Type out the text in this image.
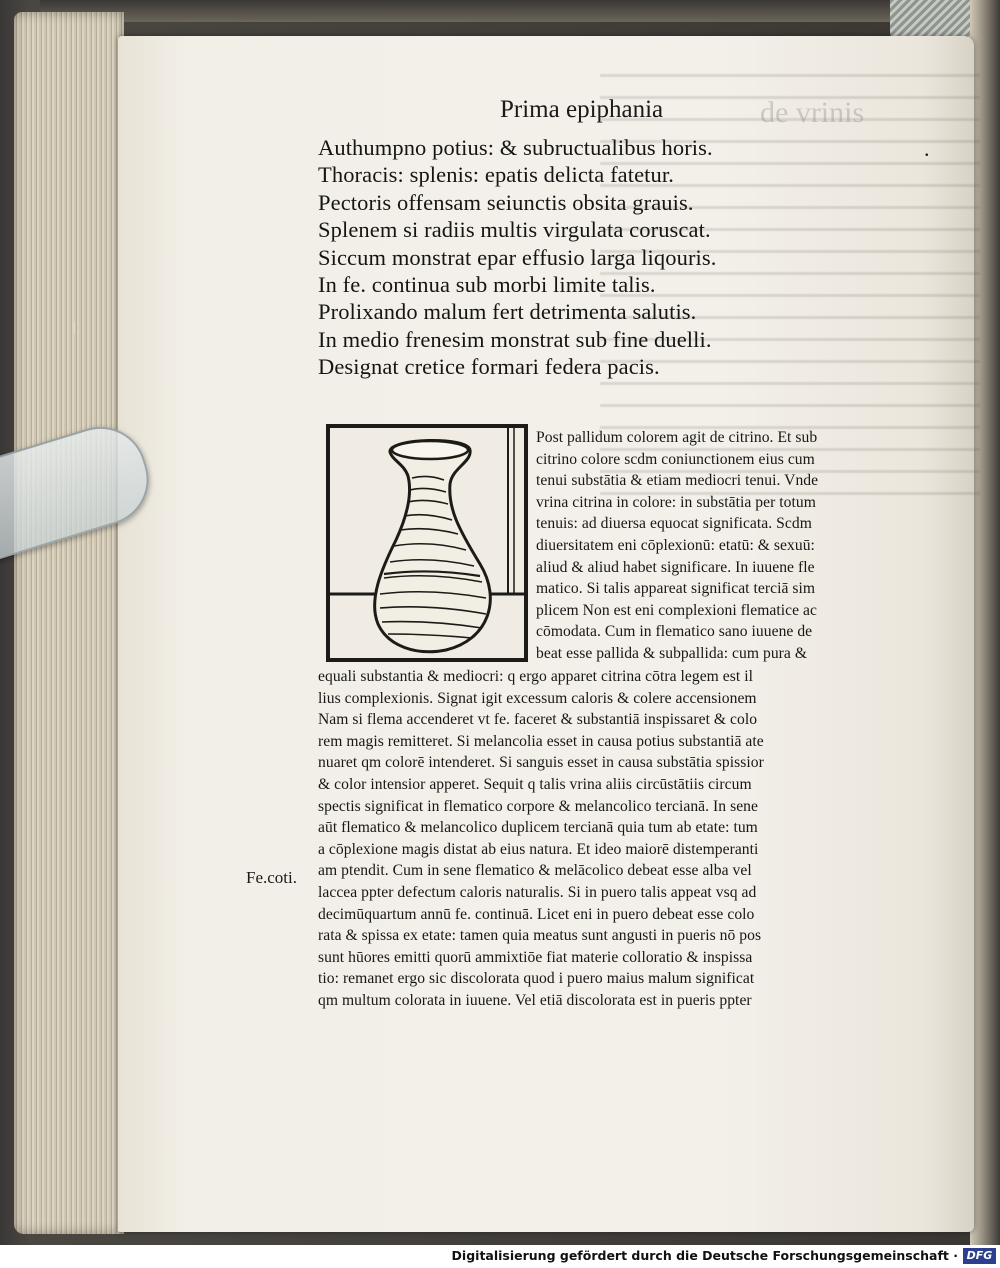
de vrinis
Prima epiphania
.
Authumpno potius: & subructualibus horis.
Thoracis: splenis: epatis delicta fatetur.
Pectoris offensam seiunctis obsita grauis.
Splenem si radiis multis virgulata coruscat.
Siccum monstrat epar effusio larga liqouris.
In fe. continua sub morbi limite talis.
Prolixando malum fert detrimenta salutis.
In medio frenesim monstrat sub fine duelli.
Designat cretice formari federa pacis.
Post pallidum colorem agit de citrino. Et sub
citrino colore scdm coniunctionem eius cum
tenui substātia & etiam mediocri tenui. Vnde
vrina citrina in colore: in substātia per totum
tenuis: ad diuersa equocat significata. Scdm
diuersitatem eni cōplexionū: etatū: & sexuū:
aliud & aliud habet significare. In iuuene fle
matico. Si talis appareat significat terciā sim
plicem Non est eni complexioni flematice ac
cōmodata. Cum in flematico sano iuuene de
beat esse pallida & subpallida: cum pura &
equali substantia & mediocri: q ergo apparet citrina cōtra legem est il
lius complexionis. Signat igit excessum caloris & colere accensionem
Nam si flema accenderet vt fe. faceret & substantiā inspissaret & colo
rem magis remitteret. Si melancolia esset in causa potius substantiā ate
nuaret qm colorē intenderet. Si sanguis esset in causa substātia spissior
& color intensior apperet. Sequit q talis vrina aliis circūstātiis circum
spectis significat in flematico corpore & melancolico tercianā. In sene
aūt flematico & melancolico duplicem tercianā quia tum ab etate: tum
a cōplexione magis distat ab eius natura. Et ideo maiorē distemperanti
am ptendit. Cum in sene flematico & melācolico debeat esse alba vel
laccea ppter defectum caloris naturalis. Si in puero talis appeat vsq ad
decimūquartum annū fe. continuā. Licet eni in puero debeat esse colo
rata & spissa ex etate: tamen quia meatus sunt angusti in pueris nō pos
sunt hūores emitti quorū ammixtiōe fiat materie colloratio & inspissa
tio: remanet ergo sic discolorata quod i puero maius malum significat
qm multum colorata in iuuene. Vel etiā discolorata est in pueris ppter
Fe.coti.
|
Digitalisierung gefördert durch die Deutsche Forschungsgemeinschaft · DFG
